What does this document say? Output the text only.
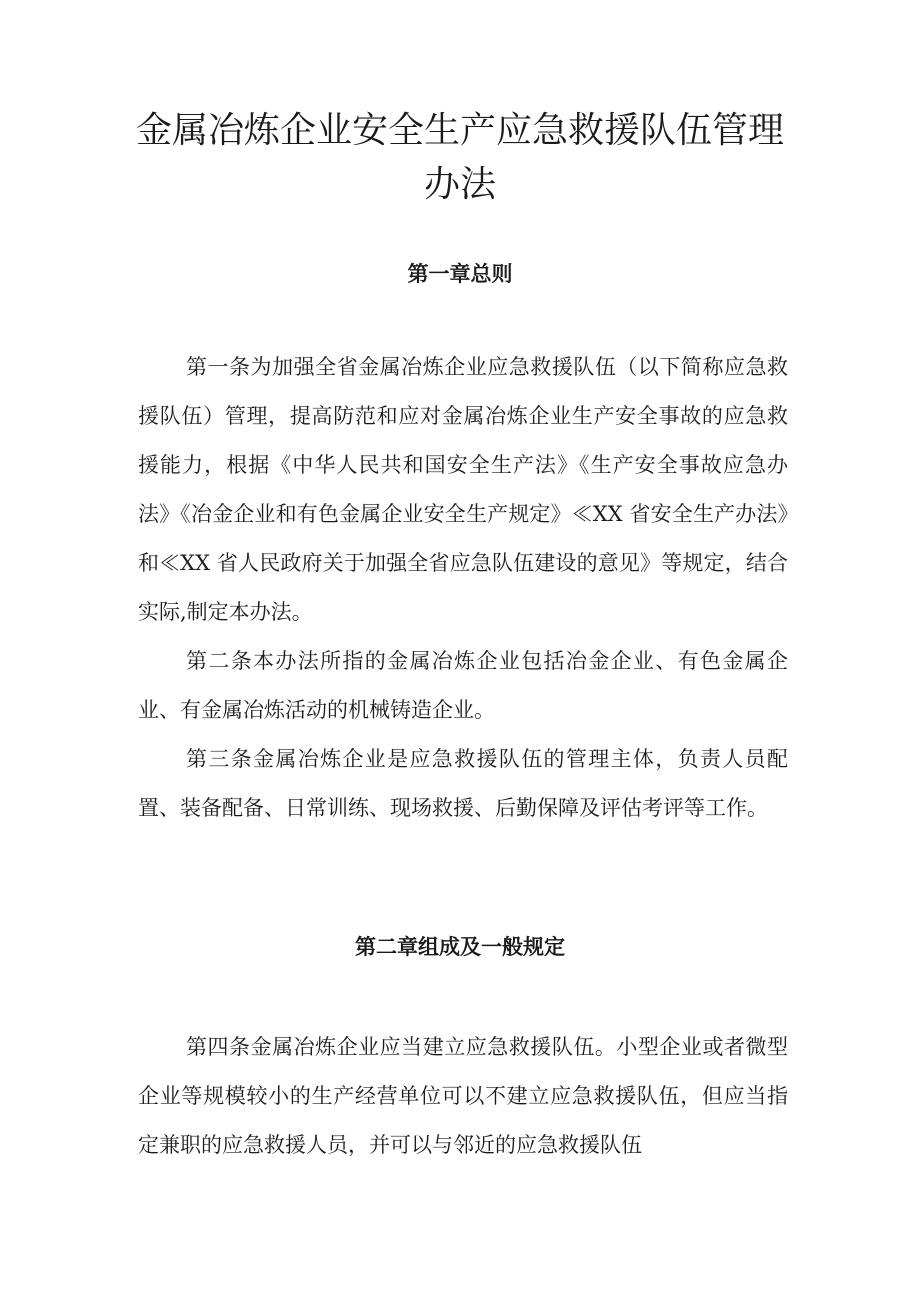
金属冶炼企业安全生产应急救援队伍管理
办法
第一章总则

第一条为加强全省金属冶炼企业应急救援队伍（以下简称应急救援队伍）管理，提高防范和应对金属冶炼企业生产安全事故的应急救援能力，根据《中华人民共和国安全生产法》《生产安全事故应急办法》《冶金企业和有色金属企业安全生产规定》≪XX 省安全生产办法》和≪XX 省人民政府关于加强全省应急队伍建设的意见》等规定，结合实际,制定本办法。

第二条本办法所指的金属冶炼企业包括冶金企业、有色金属企业、有金属冶炼活动的机械铸造企业。

第三条金属冶炼企业是应急救援队伍的管理主体，负责人员配置、装备配备、日常训练、现场救援、后勤保障及评估考评等工作。

第二章组成及一般规定

第四条金属冶炼企业应当建立应急救援队伍。小型企业或者微型企业等规模较小的生产经营单位可以不建立应急救援队伍，但应当指定兼职的应急救援人员，并可以与邻近的应急救援队伍
